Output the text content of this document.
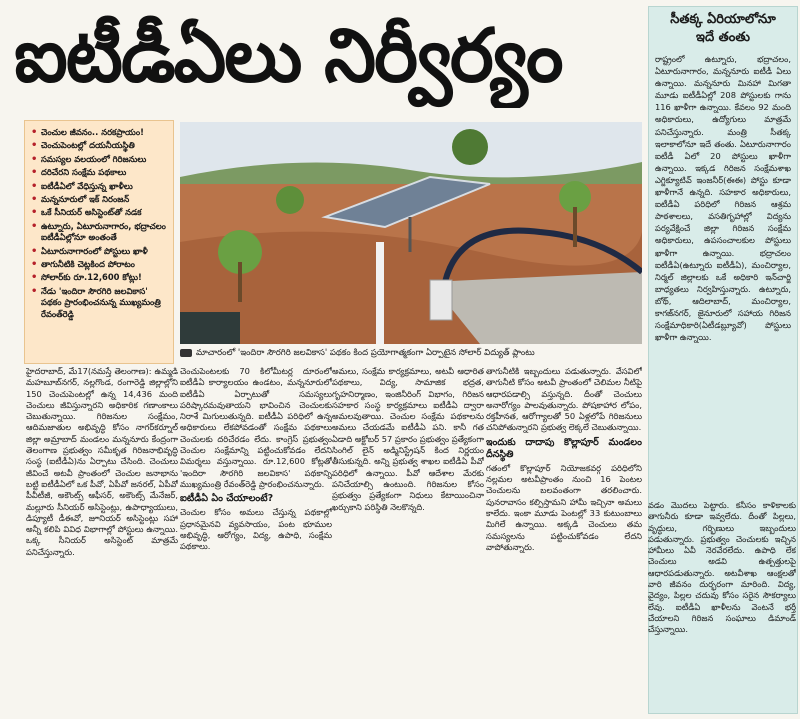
ఐటీడీఏలు నిర్వీర్యం	సీతక్క ఏరియాలోనూ
ఇదే తంతు
రాష్ట్రంలో ఉట్నూరు, భద్రాచలం, ఏటూరునాగారం, మన్ననూరు ఐటీడీ ఏలు ఉన్నాయి. మన్ననూరు మినహా మిగతా మూడు ఐటీడీఏల్లో 208 పోస్టులకు గాను 116 ఖాళీగా ఉన్నాయి. కేవలం 92 మంది అధికారులు, ఉద్యోగులు మాత్రమే పనిచేస్తున్నారు. మంత్రి సీతక్క ఇలాకాలోనూ ఇదే తంతు. ఏటూరునాగారం ఐటీడీ ఏలో 20 పోస్టులు ఖాళీగా ఉన్నాయి. ఇక్కడ గిరిజన సంక్షేమశాఖ ఎగ్జిక్యూటివ్ ఇంజనీర్(ఈఈ) పోస్టు కూడా ఖాళీగానే ఉన్నది. సహకార అధికారులు, ఐటీడీఏ పరిధిలో గిరిజన ఆశ్రమ పాఠశాలలు, వసతిగృహాల్లో విద్యను పర్యవేక్షించే జిల్లా గిరిజన సంక్షేమ అధికారులు, ఉపసంచాలకుల పోస్టులు ఖాళీగా ఉన్నాయి. భద్రాచలం ఐటీడీఏ(ఉట్నూరు ఐటీడీఏ), మంచిర్యాల, నిర్మల్ జిల్లాలకు ఒకే అధికారి ఇన్‌చార్జి బాధ్యతలు నిర్వహిస్తున్నారు. ఉట్నూరు, బోథ్, ఆదిలాబాద్, మంచిర్యాల, కాగజ్‌నగర్, జైనూరులో సహాయ గిరిజన సంక్షేమాధికారి(ఏటీడబ్ల్యూవో) పోస్టులు ఖాళీగా ఉన్నాయి.
• చెంచుల జీవనం.. నరకప్రాయం!
• చెంచుపెంటల్లో దయనీయస్థితి
• సమస్యల వలయంలో గిరిజనులు
• దరిచేరని సంక్షేమ పథకాలు
• ఐటీడీఏలో వేధిస్తున్న ఖాళీలు
• మన్ననూరులో ఇక్ నిరంజన్
• ఒకే సీనియర్ అసిస్టెంట్‌తో నడక
• ఉట్నూరు, ఏటూరునాగారం, భద్రాచలం ఐటీడీఏల్లోనూ అంతంతే
• ఏటూరునాగారంలో పోస్టులు ఖాళీ
• తాగునీటికి చెట్లకింద పోరాటం
• సోలార్‌కు రూ.12,600 కోట్లు!
• నేడు 'ఇందిరా సౌరగిరి జలవికాస' పథకం ప్రారంభించనున్న ముఖ్యమంత్రి రేవంత్‌రెడ్డి
మాచారంలో 'ఇందిరా సౌరగిరి జలవికాస' పథకం కింద ప్రయోగాత్మకంగా ఏర్పాటైన సోలార్ విద్యుత్ ప్లాంటు

హైదరాబాద్, మే17(నమస్తే తెలంగాణ): ఉమ్మడి మహబూబ్‌నగర్, నల్లగొండ, రంగారెడ్డి జిల్లాల్లోని 150 చెంచుపెంటల్లో ఉన్న 14,436 మంది చెంచులు జీవిస్తున్నారని అధికారిక గణాంకాలు చెబుతున్నాయి. గిరిజనుల సంక్షేమం, ఆదిమజాతుల అభివృద్ధి కోసం నాగర్‌కర్నూల్ జిల్లా అమ్రాబాద్ మండలం మన్ననూరు కేంద్రంగా తెలంగాణ ప్రభుత్వం సమీకృత గిరిజనాభివృద్ధి సంస్థ (ఐటీడీఏ)ను ఏర్పాటు చేసింది. చెంచులు జీవించే అటవీ ప్రాంతంలో చెంచుల జనాభాను బట్టి ఐటీడీఏలో ఒక పీవో, ఏపీవో జనరల్, ఏపీవో పీవీటీజీ, అకౌంట్స్ ఆఫీసర్, అకౌంట్స్ మేనేజర్, మల్లూరు సీనియర్ అసిస్టెంట్లు, ఉపాధ్యాయులు, డిప్యూటీ డీఈవో, జూనియర్ అసిస్టెంట్లు సహా అన్నీ కలిపి వివిధ విభాగాల్లో పోస్టులు ఉన్నాయి. ఒక్క సీనియర్ అసిస్టెంట్ మాత్రమే పనిచేస్తున్నారు.

చెంచుపెంటలకు 70 కిలోమీటర్ల దూరంలో ఐటీడీఏ కార్యాలయం ఉండటం, మన్ననూరులో ఐటీడీఏ ఏర్పాటుతో సమస్యలు పరిష్కారమవుతాయని భావించిన చెంచులకు నిరాశే మిగులుతున్నది. ఐటీడీఏ పరిధిలో ఉన్న అధికారులు లేకపోవడంతో సంక్షేమ పథకాలు చెంచులకు దరిచేరడం లేదు. కాంగ్రెస్ ప్రభుత్వం చెంచుల సంక్షేమాన్ని పట్టించుకోవడం లేదని విమర్శలు వస్తున్నాయి. రూ.12,600 కోట్లతో 'ఇందిరా సౌరగిరి జలవికాస' పథకాన్ని ముఖ్యమంత్రి రేవంత్‌రెడ్డి ప్రారంభించనున్నారు.

ఐటీడీఏ ఏం చేయాలంటే?

చెంచుల కోసం అమలు చేస్తున్న పథకాల్లో ప్రధానమైనవి వ్యవసాయం, పంట భూముల అభివృద్ధి, ఆరోగ్యం, విద్య, ఉపాధి, సంక్షేమ పథకాలు.

అమలు, సంక్షేమ కార్యక్రమాలు, అటవీ ఆధారిత పథకాలు, విద్య, సామాజిక భద్రత, గృహనిర్మాణం, ఇంజినీరింగ్ విభాగం, గిరిజన సహకార సంస్థ కార్యక్రమాలు ఐటీడీఏ ద్వారా అమలవుతాయి. చెంచుల సంక్షేమ పథకాలను అమలు చేయడమే ఐటీడీఏ పని. కానీ గత ఏడాది అక్టోబర్ 57 ప్రకారం ప్రభుత్వం ప్రత్యేకంగా సింగిల్ లైన్ అడ్మినిస్ట్రేషన్ కింద నిర్ణయం తీసుకున్నది. అన్ని ప్రభుత్వ శాఖల ఐటీడీఏ పీవో పరిధిలో ఉన్నాయి. పీవో ఆదేశాల మేరకు పనిచేయాల్సి ఉంటుంది. గిరిజనుల కోసం ప్రభుత్వం ప్రత్యేకంగా నిధులు కేటాయించినా ఖర్చుకాని పరిస్థితి నెలకొన్నది.

తాగునీటికి ఇబ్బందులు పడుతున్నారు. వేసవిలో తాగునీటి కోసం అటవీ ప్రాంతంలో చెలిమల నీటిపై ఆధారపడాల్సి వస్తున్నది. దీంతో చెంచులు అనారోగ్యం పాలవుతున్నారు. పోషకాహార లోపం, రక్తహీనత, ఆరోగ్యాలతో 50 ఏళ్లలోపే గిరిజనులు చనిపోతున్నారని ప్రభుత్వ లెక్కలే చెబుతున్నాయి.

ఇందుకు దాదాపు కొల్లాపూర్ మండలం దీనస్థితి

గతంలో కొల్లాపూర్ నియోజకవర్గ పరిధిలోని నల్లమల అటవీప్రాంతం నుంచి 16 పెంటల చెంచులను బలవంతంగా తరలించారు. పునరావాసం కల్పిస్తామని హామీ ఇచ్చినా అమలు కాలేదు. ఇంకా మూడు పెంటల్లో 33 కుటుంబాలు మిగిలే ఉన్నాయి. అక్కడి చెంచులు తమ సమస్యలను పట్టించుకోవడం లేదని వాపోతున్నారు.

వడం మొదలు పెట్టారు. కనీసం కాళికాలకు తాగునీరు కూడా ఇవ్వలేదు. దీంతో పిల్లలు, వృద్ధులు, గర్భిణులు ఇబ్బందులు పడుతున్నారు. ప్రభుత్వం చెంచులకు ఇచ్చిన హామీలు ఏవీ నెరవేరలేదు. ఉపాధి లేక చెంచులు అడవి ఉత్పత్తులపై ఆధారపడుతున్నారు. అటవీశాఖ ఆంక్షలతో వారి జీవనం దుర్భరంగా మారింది. విద్య, వైద్యం, పిల్లల చదువు కోసం సరైన సౌకర్యాలు లేవు. ఐటీడీఏ ఖాళీలను వెంటనే భర్తీ చేయాలని గిరిజన సంఘాలు డిమాండ్ చేస్తున్నాయి.
